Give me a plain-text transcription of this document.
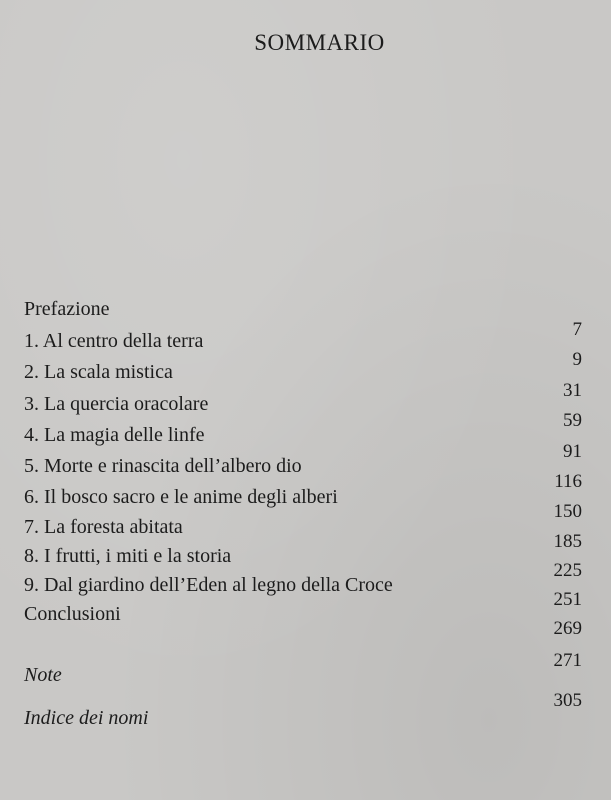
SOMMARIO
Prefazione
1. Al centro della terra
2. La scala mistica
3. La quercia oracolare
4. La magia delle linfe
5. Morte e rinascita dell’albero dio
6. Il bosco sacro e le anime degli alberi
7. La foresta abitata
8. I frutti, i miti e la storia
9. Dal giardino dell’Eden al legno della Croce
Conclusioni
Note
Indice dei nomi
7
9
31
59
91
116
150
185
225
251
269
271
305
